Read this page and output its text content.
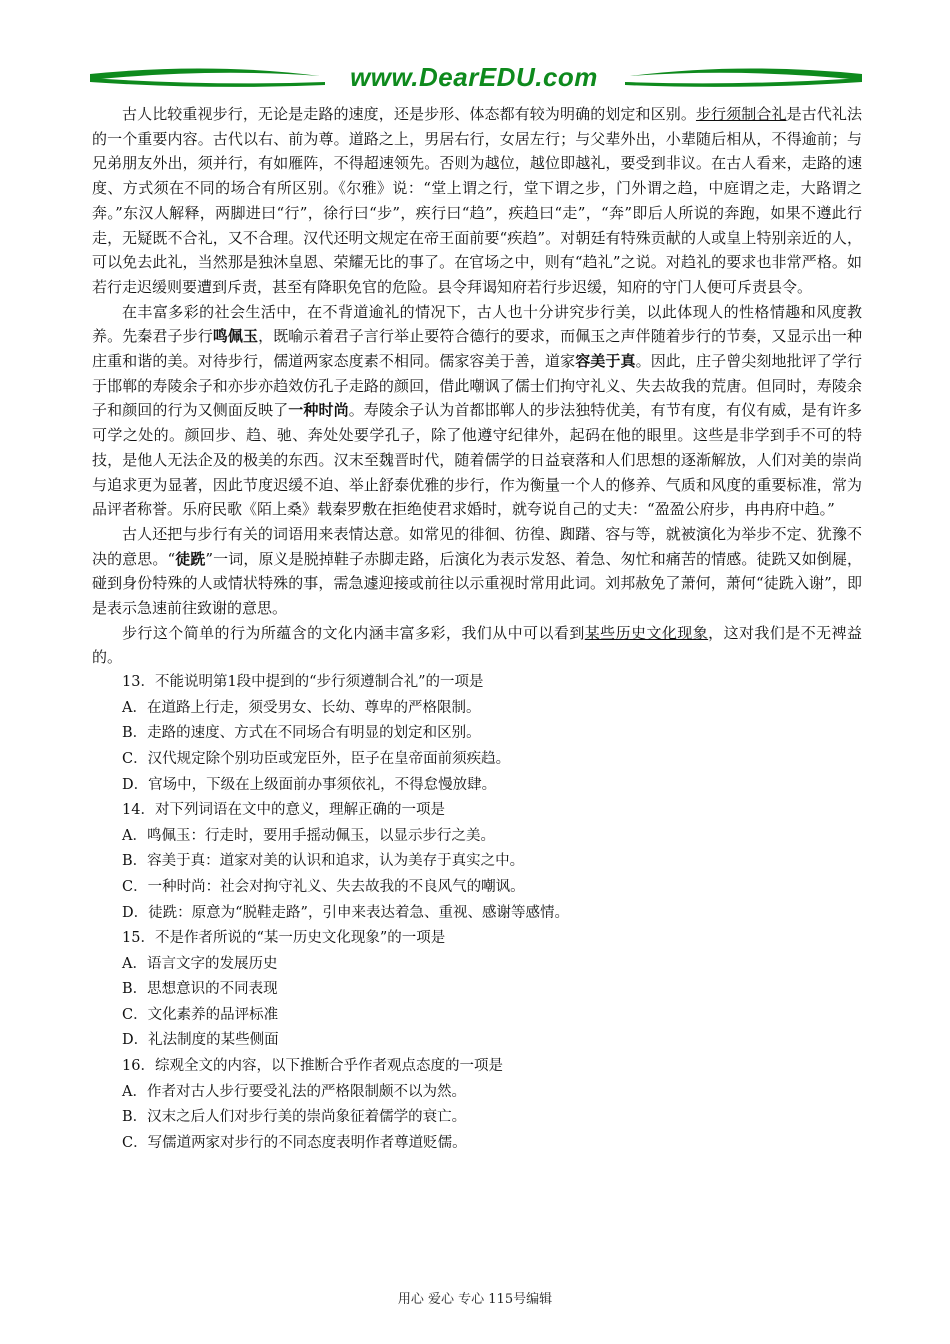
www.DearEDU.com

古人比较重视步行，无论是走路的速度，还是步形、体态都有较为明确的划定和区别。步行须制合礼是古代礼法的一个重要内容。古代以右、前为尊。道路之上，男居右行，女居左行；与父辈外出，小辈随后相从，不得逾前；与兄弟朋友外出，须并行，有如雁阵，不得超速领先。否则为越位，越位即越礼，要受到非议。在古人看来，走路的速度、方式须在不同的场合有所区别。《尔雅》说：“堂上谓之行，堂下谓之步，门外谓之趋，中庭谓之走，大路谓之奔。”东汉人解释，两脚进曰“行”，徐行曰“步”，疾行曰“趋”，疾趋曰“走”，“奔”即后人所说的奔跑，如果不遵此行走，无疑既不合礼，又不合理。汉代还明文规定在帝王面前要“疾趋”。对朝廷有特殊贡献的人或皇上特别亲近的人，可以免去此礼，当然那是独沐皇恩、荣耀无比的事了。在官场之中，则有“趋礼”之说。对趋礼的要求也非常严格。如若行走迟缓则要遭到斥责，甚至有降职免官的危险。县令拜谒知府若行步迟缓，知府的守门人便可斥责县令。

在丰富多彩的社会生活中，在不背道逾礼的情况下，古人也十分讲究步行美，以此体现人的性格情趣和风度教养。先秦君子步行鸣佩玉，既喻示着君子言行举止要符合德行的要求，而佩玉之声伴随着步行的节奏，又显示出一种庄重和谐的美。对待步行，儒道两家态度素不相同。儒家容美于善，道家容美于真。因此，庄子曾尖刻地批评了学行于邯郸的寿陵余子和亦步亦趋效仿孔子走路的颜回，借此嘲讽了儒士们拘守礼义、失去故我的荒唐。但同时，寿陵余子和颜回的行为又侧面反映了一种时尚。寿陵余子认为首都邯郸人的步法独特优美，有节有度，有仪有威，是有许多可学之处的。颜回步、趋、驰、奔处处要学孔子，除了他遵守纪律外，起码在他的眼里。这些是非学到手不可的特技，是他人无法企及的极美的东西。汉末至魏晋时代，随着儒学的日益衰落和人们思想的逐渐解放，人们对美的崇尚与追求更为显著，因此节度迟缓不迫、举止舒泰优雅的步行，作为衡量一个人的修养、气质和风度的重要标准，常为品评者称誉。乐府民歌《陌上桑》载秦罗敷在拒绝使君求婚时，就夸说自己的丈夫：“盈盈公府步，冉冉府中趋。”

古人还把与步行有关的词语用来表情达意。如常见的徘徊、彷徨、踟躇、容与等，就被演化为举步不定、犹豫不决的意思。“徒跣”一词，原义是脱掉鞋子赤脚走路，后演化为表示发怒、着急、匆忙和痛苦的情感。徒跣又如倒屣，碰到身份特殊的人或情状特殊的事，需急遽迎接或前往以示重视时常用此词。刘邦赦免了萧何，萧何“徒跣入谢”，即是表示急速前往致谢的意思。

步行这个简单的行为所蕴含的文化内涵丰富多彩，我们从中可以看到某些历史文化现象，这对我们是不无裨益的。

13．不能说明第1段中提到的“步行须遵制合礼”的一项是

A．在道路上行走，须受男女、长幼、尊卑的严格限制。

B．走路的速度、方式在不同场合有明显的划定和区别。

C．汉代规定除个别功臣或宠臣外，臣子在皇帝面前须疾趋。

D．官场中，下级在上级面前办事须依礼，不得怠慢放肆。

14．对下列词语在文中的意义，理解正确的一项是

A．鸣佩玉：行走时，要用手摇动佩玉，以显示步行之美。

B．容美于真：道家对美的认识和追求，认为美存于真实之中。

C．一种时尚：社会对拘守礼义、失去故我的不良风气的嘲讽。

D．徒跣：原意为“脱鞋走路”，引申来表达着急、重视、感谢等感情。

15．不是作者所说的“某一历史文化现象”的一项是

A．语言文字的发展历史

B．思想意识的不同表现

C．文化素养的品评标准

D．礼法制度的某些侧面

16．综观全文的内容，以下推断合乎作者观点态度的一项是

A．作者对古人步行要受礼法的严格限制颇不以为然。

B．汉末之后人们对步行美的崇尚象征着儒学的衰亡。

C．写儒道两家对步行的不同态度表明作者尊道贬儒。

用心 爱心 专心 115号编辑
